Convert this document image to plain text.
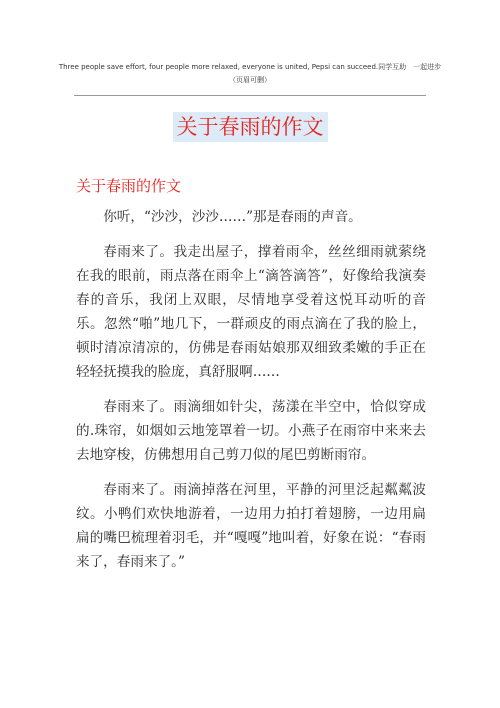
Three people save effort, four people more relaxed, everyone is united, Pepsi can succeed.同学互助　一起进步
（页眉可删）
关于春雨的作文
关于春雨的作文

你听，“沙沙，沙沙……”那是春雨的声音。

春雨来了。我走出屋子，撑着雨伞，丝丝细雨就萦绕在我的眼前，雨点落在雨伞上“滴答滴答”，好像给我演奏春的音乐，我闭上双眼，尽情地享受着这悦耳动听的音乐。忽然“啪”地几下，一群顽皮的雨点滴在了我的脸上，顿时清凉清凉的，仿佛是春雨姑娘那双细致柔嫩的手正在轻轻抚摸我的脸庞，真舒服啊……

春雨来了。雨滴细如针尖，荡漾在半空中，恰似穿成的.珠帘，如烟如云地笼罩着一切。小燕子在雨帘中来来去去地穿梭，仿佛想用自己剪刀似的尾巴剪断雨帘。

春雨来了。雨滴掉落在河里，平静的河里泛起粼粼波纹。小鸭们欢快地游着，一边用力拍打着翅膀，一边用扁扁的嘴巴梳理着羽毛，并“嘎嘎”地叫着，好象在说：“春雨来了，春雨来了。”
